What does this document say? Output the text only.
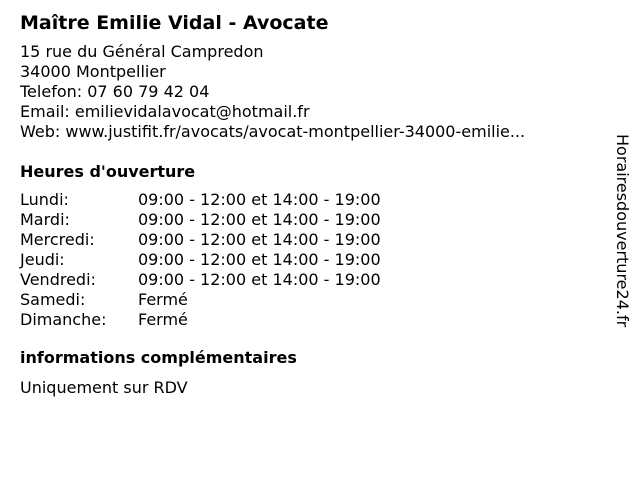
Maître Emilie Vidal - Avocate
15 rue du Général Campredon
34000 Montpellier
Telefon: 07 60 79 42 04
Email: emilievidalavocat@hotmail.fr
Web: www.justifit.fr/avocats/avocat-montpellier-34000-emilie...
Heures d'ouverture
Lundi:	09:00 - 12:00 et 14:00 - 19:00
Mardi:	09:00 - 12:00 et 14:00 - 19:00
Mercredi:	09:00 - 12:00 et 14:00 - 19:00
Jeudi:	09:00 - 12:00 et 14:00 - 19:00
Vendredi:	09:00 - 12:00 et 14:00 - 19:00
Samedi:	Fermé
Dimanche:	Fermé
informations complémentaires
Uniquement sur RDV
Horairesdouverture24.fr
